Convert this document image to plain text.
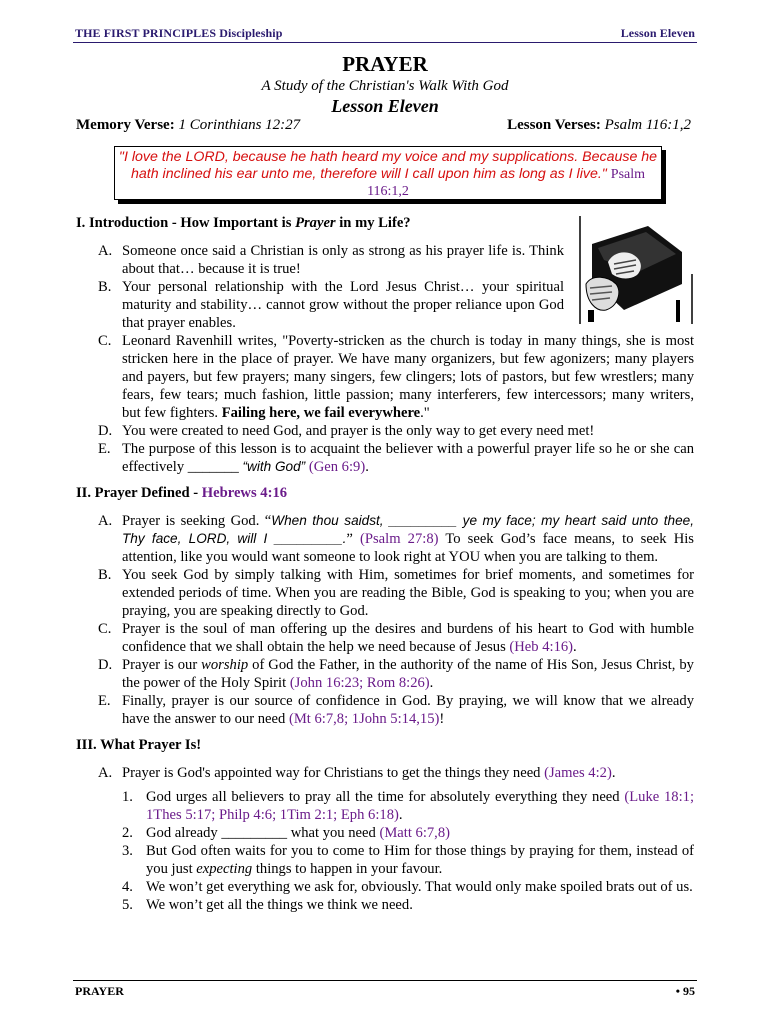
THE FIRST PRINCIPLES Discipleship	Lesson Eleven
PRAYER
A Study of the Christian's Walk With God
Lesson Eleven
Memory Verse: 1 Corinthians 12:27	Lesson Verses: Psalm 116:1,2
"I love the LORD, because he hath heard my voice and my supplications. Because he hath inclined his ear unto me, therefore will I call upon him as long as I live." Psalm 116:1,2
I. Introduction - How Important is Prayer in my Life?
A. Someone once said a Christian is only as strong as his prayer life is. Think about that… because it is true!
B. Your personal relationship with the Lord Jesus Christ… your spiritual maturity and stability… cannot grow without the proper reliance upon God that prayer enables.
C. Leonard Ravenhill writes, "Poverty-stricken as the church is today in many things, she is most stricken here in the place of prayer. We have many organizers, but few agonizers; many players and payers, but few prayers; many singers, few clingers; lots of pastors, but few wrestlers; many fears, few tears; much fashion, little passion; many interferers, few intercessors; many writers, but few fighters. Failing here, we fail everywhere."
D. You were created to need God, and prayer is the only way to get every need met!
E. The purpose of this lesson is to acquaint the believer with a powerful prayer life so he or she can effectively _______ “with God” (Gen 6:9).
II. Prayer Defined - Hebrews 4:16
A. Prayer is seeking God. “When thou saidst, _________ ye my face; my heart said unto thee, Thy face, LORD, will I _________.” (Psalm 27:8) To seek God’s face means, to seek His attention, like you would want someone to look right at YOU when you are talking to them.
B. You seek God by simply talking with Him, sometimes for brief moments, and sometimes for extended periods of time. When you are reading the Bible, God is speaking to you; when you are praying, you are speaking directly to God.
C. Prayer is the soul of man offering up the desires and burdens of his heart to God with humble confidence that we shall obtain the help we need because of Jesus (Heb 4:16).
D. Prayer is our worship of God the Father, in the authority of the name of His Son, Jesus Christ, by the power of the Holy Spirit (John 16:23; Rom 8:26).
E. Finally, prayer is our source of confidence in God. By praying, we will know that we already have the answer to our need (Mt 6:7,8; 1John 5:14,15)!
III. What Prayer Is!
A. Prayer is God's appointed way for Christians to get the things they need (James 4:2).
1. God urges all believers to pray all the time for absolutely everything they need (Luke 18:1; 1Thes 5:17; Philp 4:6; 1Tim 2:1; Eph 6:18).
2. God already _________ what you need (Matt 6:7,8)
3. But God often waits for you to come to Him for those things by praying for them, instead of you just expecting things to happen in your favour.
4. We won’t get everything we ask for, obviously. That would only make spoiled brats out of us.
5. We won’t get all the things we think we need.
PRAYER	• 95
